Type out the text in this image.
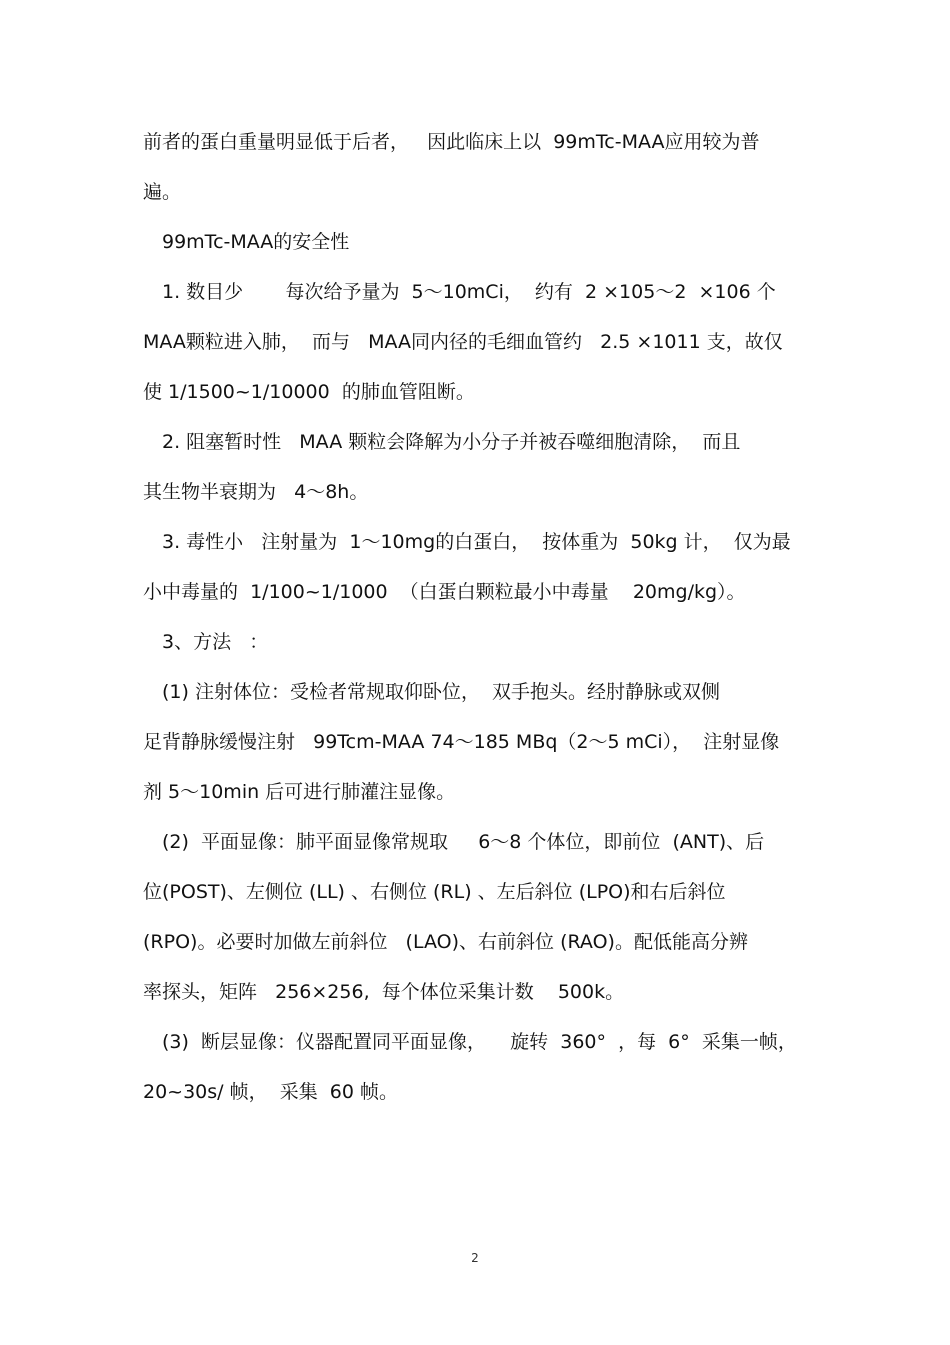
前者的蛋白重量明显低于后者，   因此临床上以  99mTc-MAA应用较为普

遍。

99mTc-MAA的安全性

1. 数目少       每次给予量为  5～10mCi，  约有  2 ×105～2  ×106 个

MAA颗粒进入肺，  而与   MAA同内径的毛细血管约   2.5 ×1011 支，故仅

使 1/1500~1/10000  的肺血管阻断。

2. 阻塞暂时性   MAA 颗粒会降解为小分子并被吞噬细胞清除，  而且

其生物半衰期为   4～8h。

3. 毒性小   注射量为  1～10mg的白蛋白，  按体重为  50kg 计，  仅为最

小中毒量的  1/100~1/1000  （白蛋白颗粒最小中毒量    20mg/kg）。

3、方法   ：

(1) 注射体位：受检者常规取仰卧位，  双手抱头。经肘静脉或双侧

足背静脉缓慢注射   99Tcm-MAA 74～185 MBq（2～5 mCi），  注射显像

剂 5～10min 后可进行肺灌注显像。

(2)  平面显像：肺平面显像常规取     6～8 个体位，即前位  (ANT)、后

位(POST)、左侧位 (LL) 、右侧位 (RL) 、左后斜位 (LPO)和右后斜位

(RPO)。必要时加做左前斜位   (LAO)、右前斜位 (RAO)。配低能高分辨

率探头，矩阵   256×256,  每个体位采集计数    500k。

(3)  断层显像：仪器配置同平面显像，    旋转  360°  ，每  6°  采集一帧，

20~30s/ 帧，  采集  60 帧。

2
